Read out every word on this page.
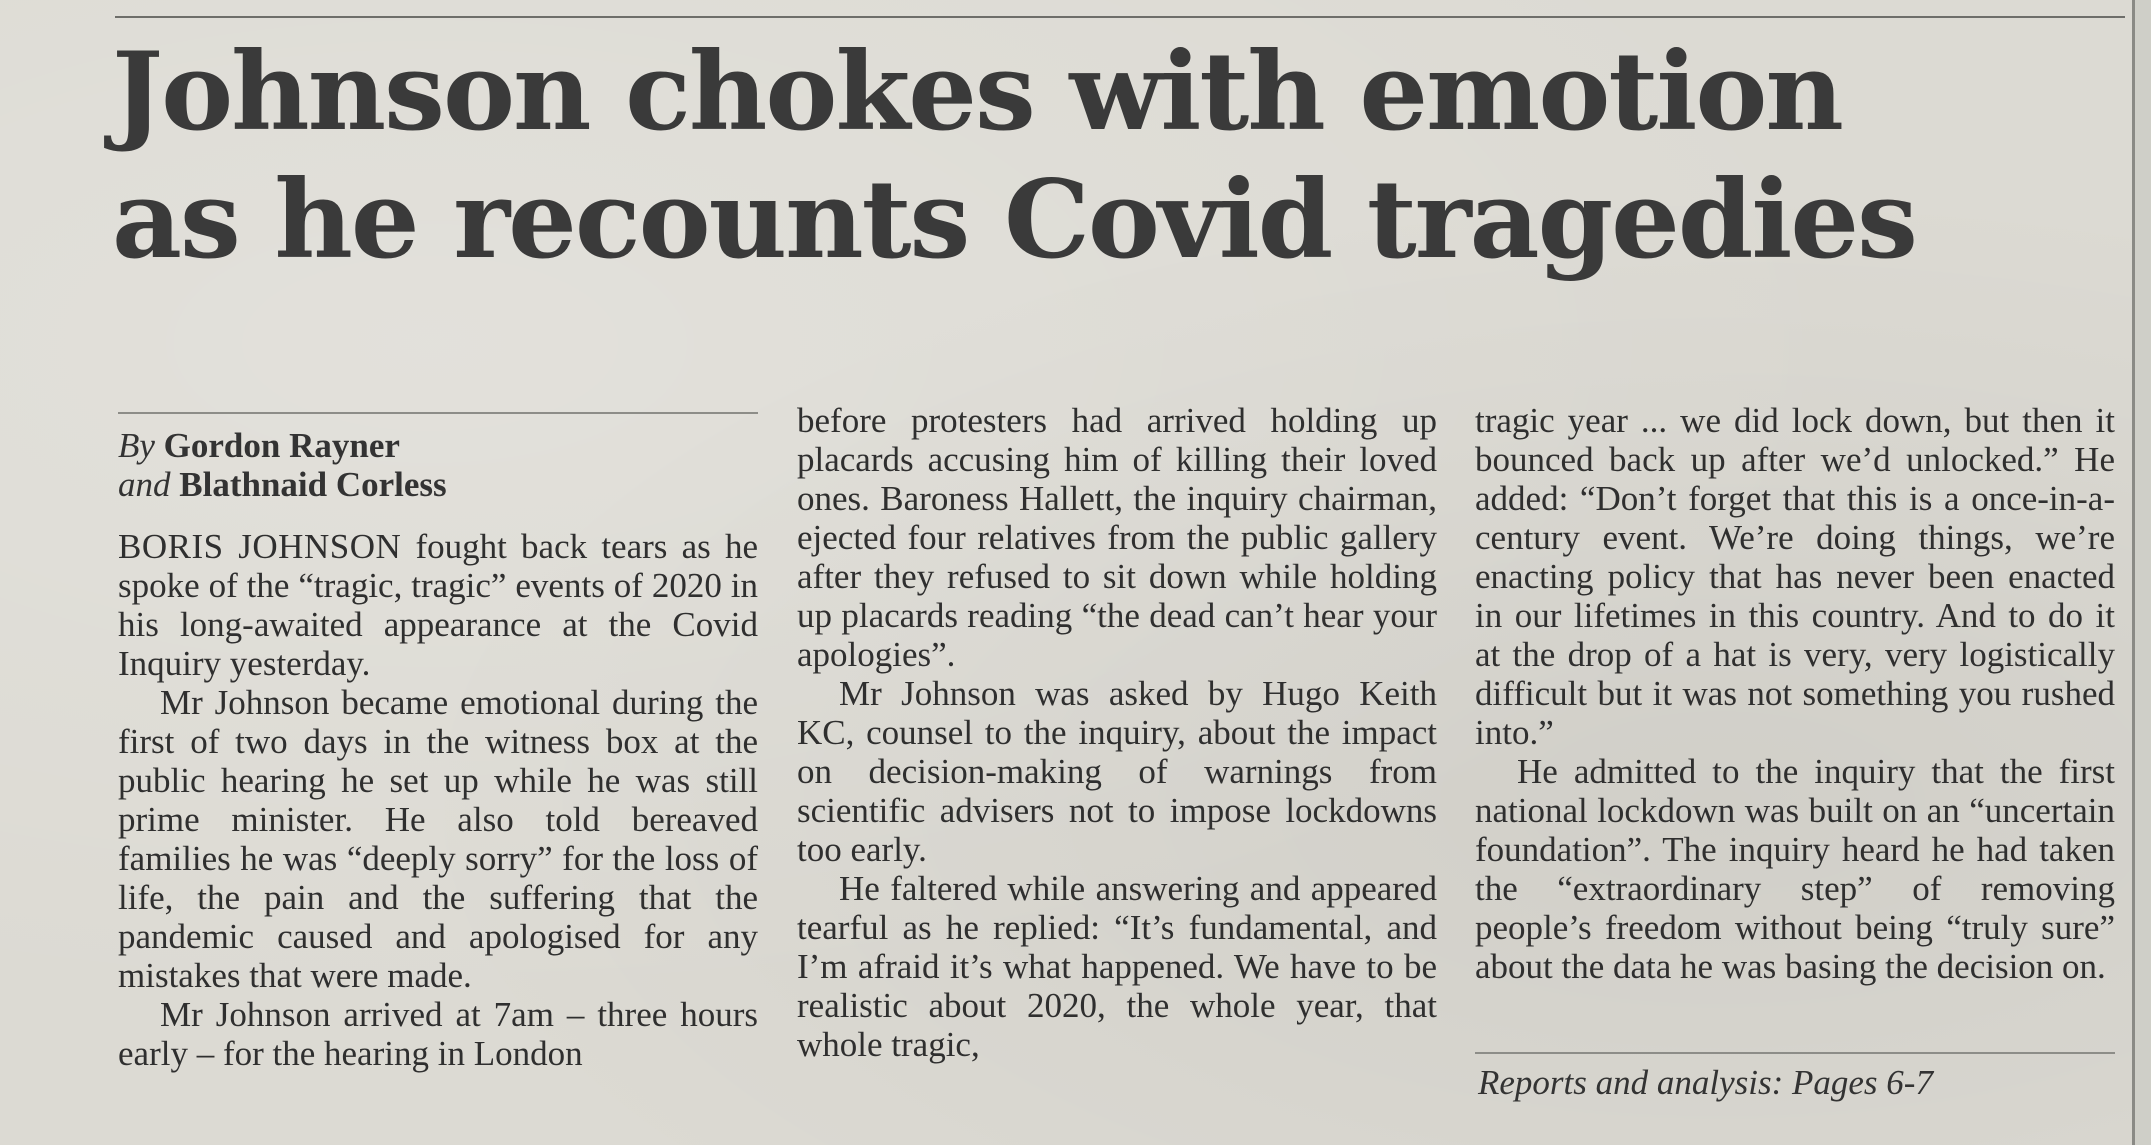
Johnson chokes with emotion
as he recounts Covid tragedies
By Gordon Rayner
and Blathnaid Corless

BORIS JOHNSON fought back tears as he spoke of the “tragic, tragic” events of 2020 in his long-awaited appearance at the Covid Inquiry yesterday.

Mr Johnson became emotional during the first of two days in the witness box at the public hearing he set up while he was still prime minister. He also told bereaved families he was “deeply sorry” for the loss of life, the pain and the suffering that the pandemic caused and apologised for any mistakes that were made.

Mr Johnson arrived at 7am – three hours early – for the hearing in London

before protesters had arrived holding up placards accusing him of killing their loved ones. Baroness Hallett, the inquiry chairman, ejected four relatives from the public gallery after they refused to sit down while holding up placards reading “the dead can’t hear your apologies”.

Mr Johnson was asked by Hugo Keith KC, counsel to the inquiry, about the impact on decision-making of warnings from scientific advisers not to impose lockdowns too early.

He faltered while answering and appeared tearful as he replied: “It’s fundamental, and I’m afraid it’s what happened. We have to be realistic about 2020, the whole year, that whole tragic,

tragic year ... we did lock down, but then it bounced back up after we’d unlocked.” He added: “Don’t forget that this is a once-in-a-century event. We’re doing things, we’re enacting policy that has never been enacted in our lifetimes in this country. And to do it at the drop of a hat is very, very logistically difficult but it was not something you rushed into.”

He admitted to the inquiry that the first national lockdown was built on an “uncertain foundation”. The inquiry heard he had taken the “extraordinary step” of removing people’s freedom without being “truly sure” about the data he was basing the decision on.

Reports and analysis: Pages 6-7
